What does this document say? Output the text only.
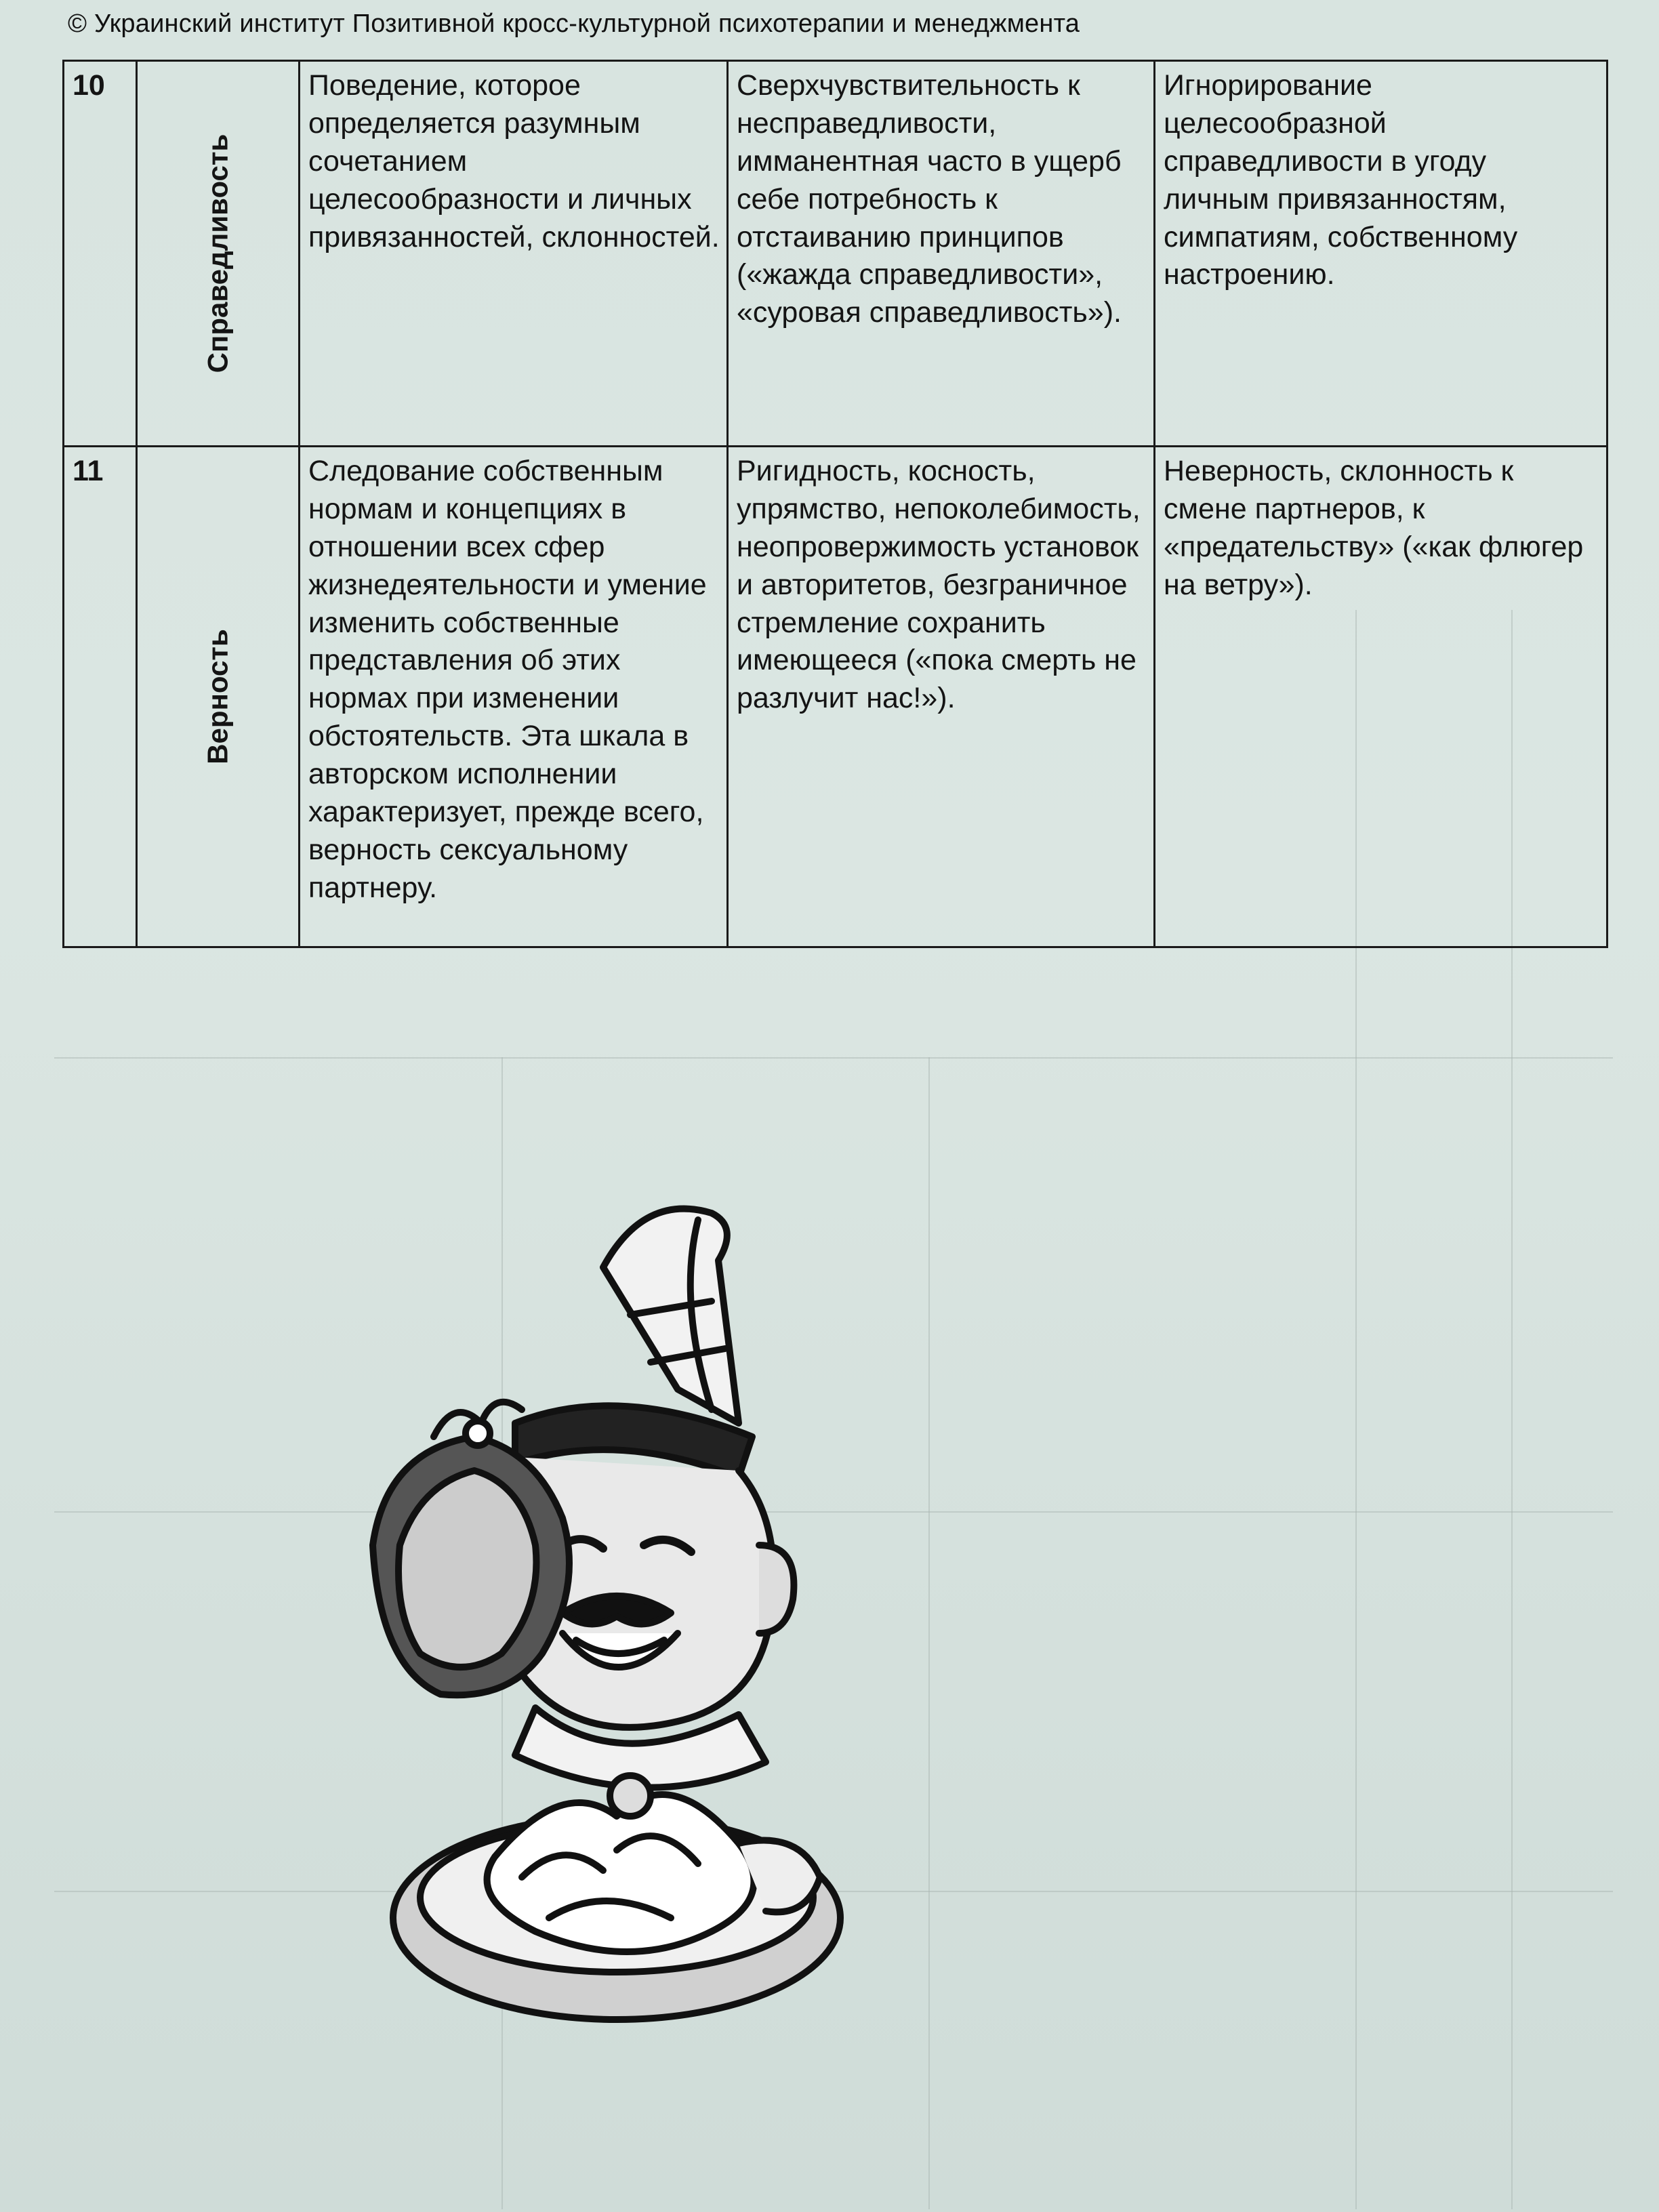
© Украинский институт Позитивной кросс-культурной психотерапии и менеджмента
10	Справедливость	Поведение, которое определяется разумным сочетанием целесообразности и личных привязанностей, склонностей.	Сверхчувствительность к несправедливости, имманентная часто в ущерб себе потребность к отстаиванию принципов («жажда справедливости», «суровая справедливость»).	Игнорирование целесообразной справедливости в угоду личным привязанностям, симпатиям, собственному настроению.
11	Верность	Следование собственным нормам и концепциях в отношении всех сфер жизнедеятельности и умение изменить собственные представления об этих нормах при изменении обстоятельств. Эта шкала в авторском исполнении характеризует, прежде всего, верность сексуальному партнеру.	Ригидность, косность, упрямство, непоколебимость, неопровержимость установок и авторитетов, безграничное стремление сохранить имеющееся («пока смерть не разлучит нас!»).	Неверность, склонность к смене партнеров, к «предательству» («как флюгер на ветру»).
